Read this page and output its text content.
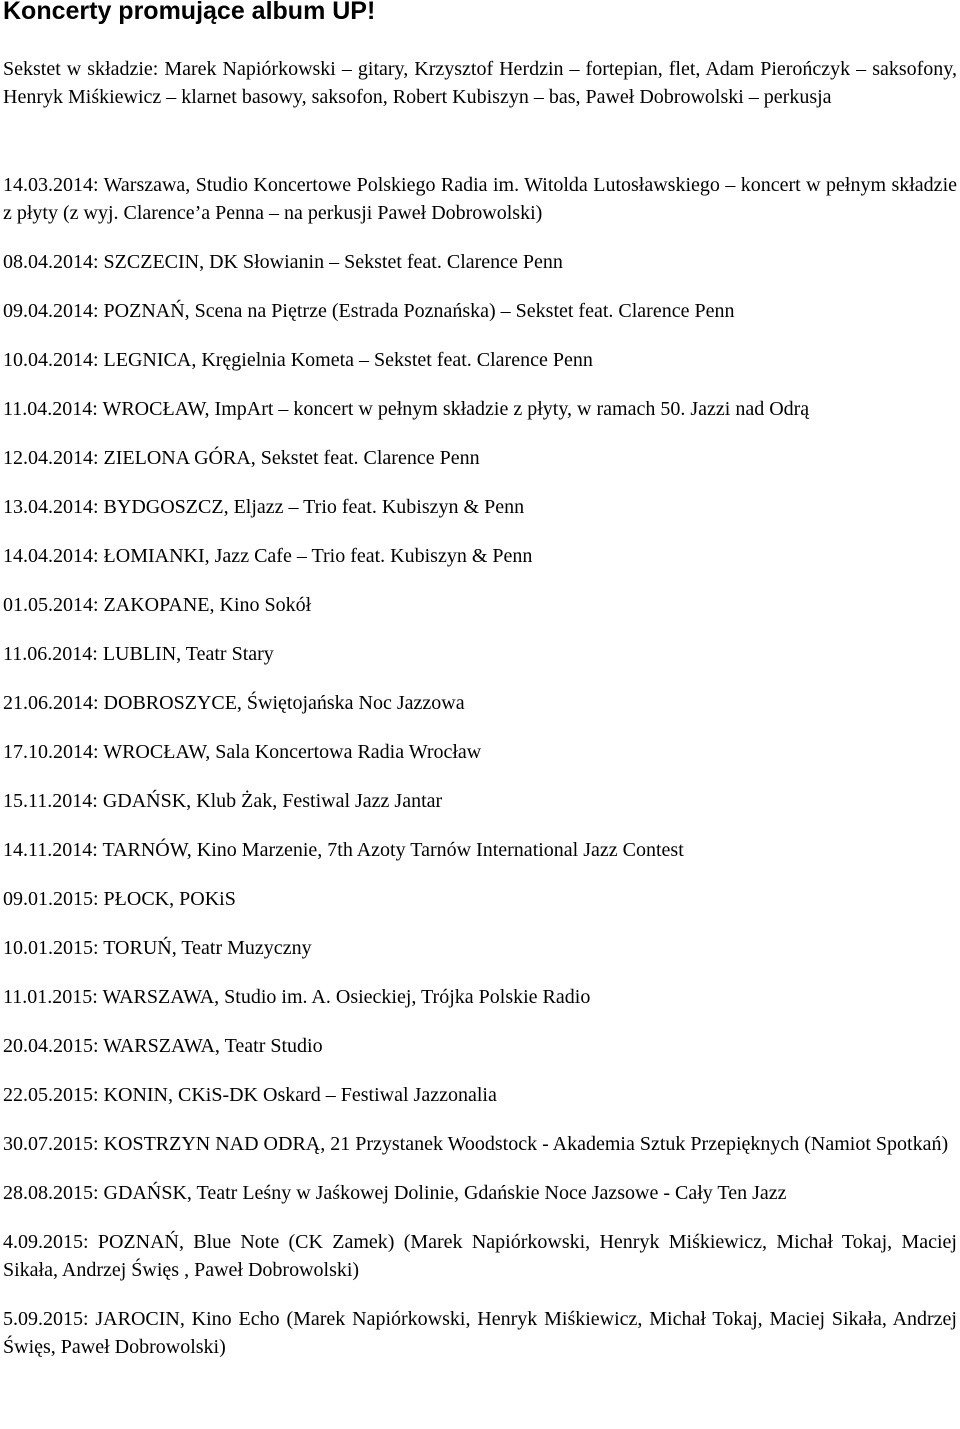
Koncerty promujące album UP!

Sekstet w składzie: Marek Napiórkowski – gitary, Krzysztof Herdzin – fortepian, flet, Adam Pierończyk – saksofony, Henryk Miśkiewicz – klarnet basowy, saksofon, Robert Kubiszyn – bas, Paweł Dobrowolski – perkusja

14.03.2014: Warszawa, Studio Koncertowe Polskiego Radia im. Witolda Lutosławskiego – koncert w pełnym składzie z płyty (z wyj. Clarence’a Penna – na perkusji Paweł Dobrowolski)

08.04.2014: SZCZECIN, DK Słowianin – Sekstet feat. Clarence Penn

09.04.2014: POZNAŃ, Scena na Piętrze (Estrada Poznańska) – Sekstet feat. Clarence Penn

10.04.2014: LEGNICA, Kręgielnia Kometa – Sekstet feat. Clarence Penn

11.04.2014: WROCŁAW, ImpArt – koncert w pełnym składzie z płyty, w ramach 50. Jazzi nad Odrą

12.04.2014: ZIELONA GÓRA, Sekstet feat. Clarence Penn

13.04.2014: BYDGOSZCZ, Eljazz – Trio feat. Kubiszyn & Penn

14.04.2014: ŁOMIANKI, Jazz Cafe – Trio feat. Kubiszyn & Penn

01.05.2014: ZAKOPANE, Kino Sokół

11.06.2014: LUBLIN, Teatr Stary

21.06.2014: DOBROSZYCE, Świętojańska Noc Jazzowa

17.10.2014: WROCŁAW, Sala Koncertowa Radia Wrocław

15.11.2014: GDAŃSK, Klub Żak, Festiwal Jazz Jantar

14.11.2014: TARNÓW, Kino Marzenie, 7th Azoty Tarnów International Jazz Contest

09.01.2015: PŁOCK, POKiS

10.01.2015: TORUŃ, Teatr Muzyczny

11.01.2015: WARSZAWA, Studio im. A. Osieckiej, Trójka Polskie Radio

20.04.2015: WARSZAWA, Teatr Studio

22.05.2015: KONIN, CKiS-DK Oskard – Festiwal Jazzonalia

30.07.2015: KOSTRZYN NAD ODRĄ, 21 Przystanek Woodstock - Akademia Sztuk Przepięknych (Namiot Spotkań)

28.08.2015: GDAŃSK, Teatr Leśny w Jaśkowej Dolinie, Gdańskie Noce Jazsowe - Cały Ten Jazz

4.09.2015: POZNAŃ, Blue Note (CK Zamek) (Marek Napiórkowski, Henryk Miśkiewicz, Michał Tokaj, Maciej Sikała, Andrzej Święs , Paweł Dobrowolski)

5.09.2015: JAROCIN, Kino Echo (Marek Napiórkowski, Henryk Miśkiewicz, Michał Tokaj, Maciej Sikała, Andrzej Święs, Paweł Dobrowolski)
